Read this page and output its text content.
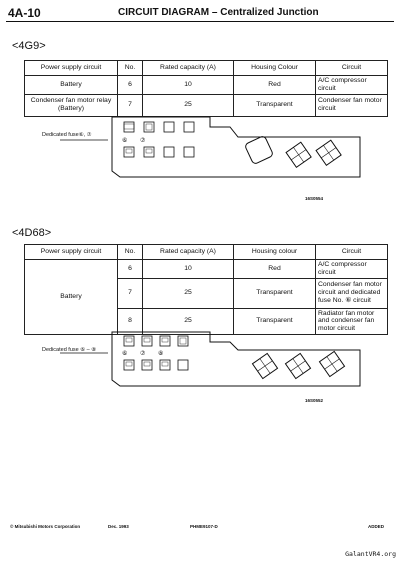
4A-10	CIRCUIT DIAGRAM – Centralized Junction
<4G9>
Power supply circuit	No.	Rated capacity (A)	Housing Colour	Circuit
Battery	6	10	Red	A/C compressor circuit
Condenser fan motor relay (Battery)	7	25	Transparent	Condenser fan motor circuit
Dedicated fuse⑥, ⑦
⑥ ⑦
16S0554
<4D68>
Power supply circuit	No.	Rated capacity (A)	Housing colour	Circuit
Battery	6	10	Red	A/C compressor circuit
	7	25	Transparent	Condenser fan motor circuit and dedicated fuse No. ⑥ circuit
	8	25	Transparent	Radiator fan motor and condenser fan motor circuit
Dedicated fuse ⑥ – ⑧	⑥ ⑦ ⑧
16S0552
© Mitsubishi Motors Corporation	Dec. 1993	PHME9107-D	ADDED
GalantVR4.org
